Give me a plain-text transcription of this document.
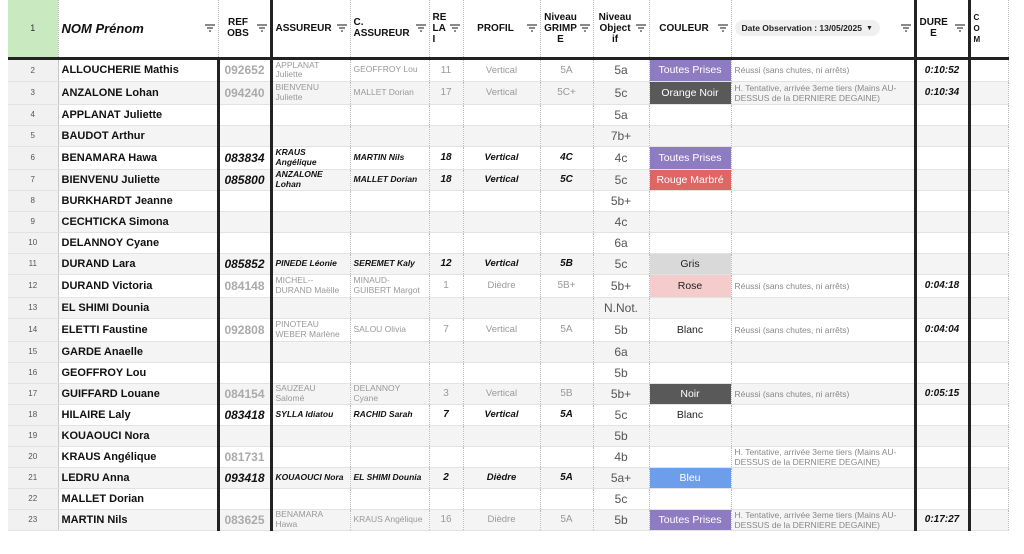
1	NOM Prénom	REF OBS	ASSUREUR	C. ASSUREUR	RE LA I	PROFIL	Niveau GRIMP E	Niveau Object if	COULEUR	Date Observation : 13/05/2025 ▼	DURE E	C O M

2	ALLOUCHERIE Mathis	092652	APPLANAT Juliette	GEOFFROY Lou	11	Vertical	5A	5a	Toutes Prises	Réussi (sans chutes, ni arrêts)	0:10:52	
3	ANZALONE Lohan	094240	BIENVENU Juliette	MALLET Dorian	17	Vertical	5C+	5c	Orange Noir	H. Tentative, arrivée 3eme tiers (Mains AU-DESSUS de la DERNIERE DEGAINE)	0:10:34	
4	APPLANAT Juliette							5a				
5	BAUDOT Arthur							7b+				
6	BENAMARA Hawa	083834	KRAUS Angélique	MARTIN Nils	18	Vertical	4C	4c	Toutes Prises			

7	BIENVENU Juliette	085800	ANZALONE Lohan	MALLET Dorian	18	Vertical	5C	5c	Rouge Marbré			

8	BURKHARDT Jeanne							5b+				
9	CECHTICKA Simona							4c				
10	DELANNOY Cyane							6a				
11	DURAND Lara	085852	PINEDE Léonie	SEREMET Kaly	12	Vertical	5B	5c	Gris			

12	DURAND Victoria	084148	MICHEL--DURAND Maëlle	MINAUD-GUIBERT Margot	1	Dièdre	5B+	5b+	Rose	Réussi (sans chutes, ni arrêts)	0:04:18	
13	EL SHIMI Dounia							N.Not.				
14	ELETTI Faustine	092808	PINOTEAU WEBER Marlène	SALOU Olivia	7	Vertical	5A	5b	Blanc	Réussi (sans chutes, ni arrêts)	0:04:04	
15	GARDE Anaelle							6a				
16	GEOFFROY Lou							5b				
17	GUIFFARD Louane	084154	SAUZEAU Salomé	DELANNOY Cyane	3	Vertical	5B	5b+	Noir	Réussi (sans chutes, ni arrêts)	0:05:15	
18	HILAIRE Laly	083418	SYLLA Idiatou	RACHID Sarah	7	Vertical	5A	5c	Blanc			

19	KOUAOUCI Nora							5b				
20	KRAUS Angélique	081731						4b		H. Tentative, arrivée 3eme tiers (Mains AU-DESSUS de la DERNIERE DEGAINE)		
21	LEDRU Anna	093418	KOUAOUCI Nora	EL SHIMI Dounia	2	Dièdre	5A	5a+	Bleu			

22	MALLET Dorian							5c				
23	MARTIN Nils	083625	BENAMARA Hawa	KRAUS Angélique	16	Dièdre	5A	5b	Toutes Prises	H. Tentative, arrivée 3eme tiers (Mains AU-DESSUS de la DERNIERE DEGAINE)	0:17:27	
